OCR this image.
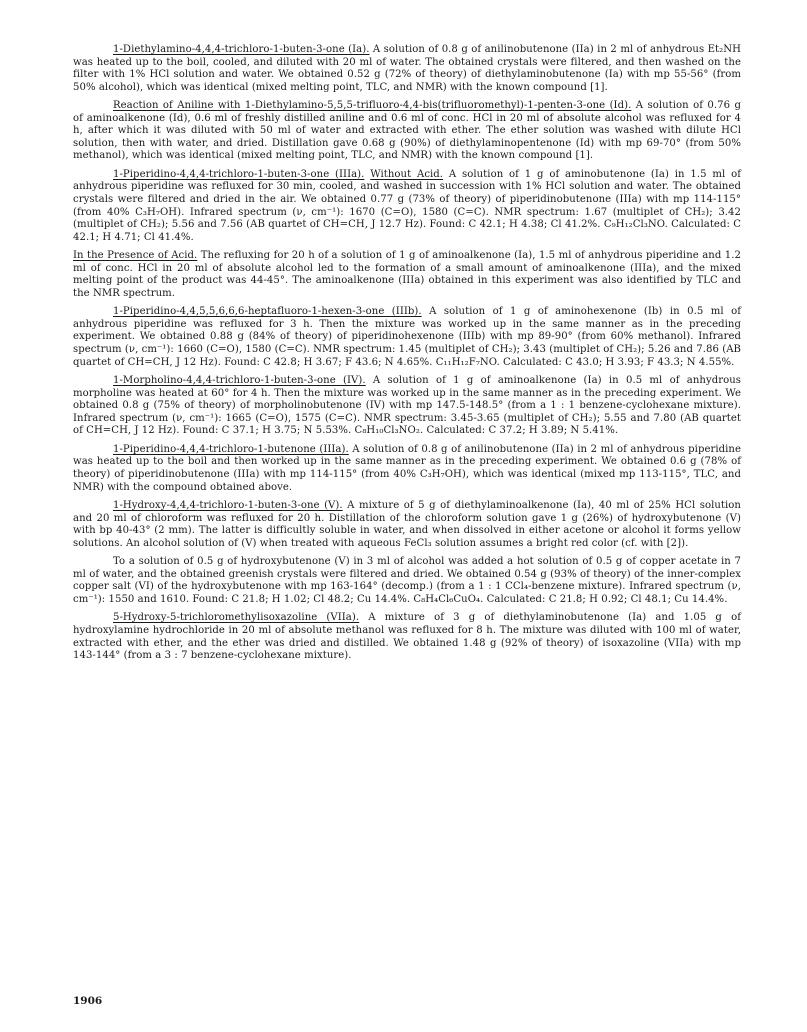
1-Diethylamino-4,4,4-trichloro-1-buten-3-one (Ia). A solution of 0.8 g of anilinobutenone (IIa) in 2 ml of anhydrous Et₂NH was heated up to the boil, cooled, and diluted with 20 ml of water. The obtained crystals were filtered, and then washed on the filter with 1% HCl solution and water. We obtained 0.52 g (72% of theory) of diethylaminobutenone (Ia) with mp 55-56° (from 50% alcohol), which was identical (mixed melting point, TLC, and NMR) with the known compound [1].

Reaction of Aniline with 1-Diethylamino-5,5,5-trifluoro-4,4-bis(trifluoromethyl)-1-penten-3-one (Id). A solution of 0.76 g of aminoalkenone (Id), 0.6 ml of freshly distilled aniline and 0.6 ml of conc. HCl in 20 ml of absolute alcohol was refluxed for 4 h, after which it was diluted with 50 ml of water and extracted with ether. The ether solution was washed with dilute HCl solution, then with water, and dried. Distillation gave 0.68 g (90%) of diethylaminopentenone (Id) with mp 69-70° (from 50% methanol), which was identical (mixed melting point, TLC, and NMR) with the known compound [1].

1-Piperidino-4,4,4-trichloro-1-buten-3-one (IIIa). Without Acid. A solution of 1 g of aminobutenone (Ia) in 1.5 ml of anhydrous piperidine was refluxed for 30 min, cooled, and washed in succession with 1% HCl solution and water. The obtained crystals were filtered and dried in the air. We obtained 0.77 g (73% of theory) of piperidinobutenone (IIIa) with mp 114-115° (from 40% C₃H₇OH). Infrared spectrum (ν, cm⁻¹): 1670 (C=O), 1580 (C=C). NMR spectrum: 1.67 (multiplet of CH₂); 3.42 (multiplet of CH₂); 5.56 and 7.56 (AB quartet of CH=CH, J 12.7 Hz). Found: C 42.1; H 4.38; Cl 41.2%. C₉H₁₂Cl₃NO. Calculated: C 42.1; H 4.71; Cl 41.4%.

In the Presence of Acid. The refluxing for 20 h of a solution of 1 g of aminoalkenone (Ia), 1.5 ml of anhydrous piperidine and 1.2 ml of conc. HCl in 20 ml of absolute alcohol led to the formation of a small amount of aminoalkenone (IIIa), and the mixed melting point of the product was 44-45°. The aminoalkenone (IIIa) obtained in this experiment was also identified by TLC and the NMR spectrum.

1-Piperidino-4,4,5,5,6,6,6-heptafluoro-1-hexen-3-one (IIIb). A solution of 1 g of aminohexenone (Ib) in 0.5 ml of anhydrous piperidine was refluxed for 3 h. Then the mixture was worked up in the same manner as in the preceding experiment. We obtained 0.88 g (84% of theory) of piperidinohexenone (IIIb) with mp 89-90° (from 60% methanol). Infrared spectrum (ν, cm⁻¹): 1660 (C=O), 1580 (C=C). NMR spectrum: 1.45 (multiplet of CH₂); 3.43 (multiplet of CH₂); 5.26 and 7.86 (AB quartet of CH=CH, J 12 Hz). Found: C 42.8; H 3.67; F 43.6; N 4.65%. C₁₁H₁₂F₇NO. Calculated: C 43.0; H 3.93; F 43.3; N 4.55%.

1-Morpholino-4,4,4-trichloro-1-buten-3-one (IV). A solution of 1 g of aminoalkenone (Ia) in 0.5 ml of anhydrous morpholine was heated at 60° for 4 h. Then the mixture was worked up in the same manner as in the preceding experiment. We obtained 0.8 g (75% of theory) of morpholinobutenone (IV) with mp 147.5-148.5° (from a 1 : 1 benzene-cyclohexane mixture). Infrared spectrum (ν, cm⁻¹): 1665 (C=O), 1575 (C=C). NMR spectrum: 3.45-3.65 (multiplet of CH₂); 5.55 and 7.80 (AB quartet of CH=CH, J 12 Hz). Found: C 37.1; H 3.75; N 5.53%. C₈H₁₀Cl₃NO₂. Calculated: C 37.2; H 3.89; N 5.41%.

1-Piperidino-4,4,4-trichloro-1-butenone (IIIa). A solution of 0.8 g of anilinobutenone (IIa) in 2 ml of anhydrous piperidine was heated up to the boil and then worked up in the same manner as in the preceding experiment. We obtained 0.6 g (78% of theory) of piperidinobutenone (IIIa) with mp 114-115° (from 40% C₃H₇OH), which was identical (mixed mp 113-115°, TLC, and NMR) with the compound obtained above.

1-Hydroxy-4,4,4-trichloro-1-buten-3-one (V). A mixture of 5 g of diethylaminoalkenone (Ia), 40 ml of 25% HCl solution and 20 ml of chloroform was refluxed for 20 h. Distillation of the chloroform solution gave 1 g (26%) of hydroxybutenone (V) with bp 40-43° (2 mm). The latter is difficultly soluble in water, and when dissolved in either acetone or alcohol it forms yellow solutions. An alcohol solution of (V) when treated with aqueous FeCl₃ solution assumes a bright red color (cf. with [2]).

To a solution of 0.5 g of hydroxybutenone (V) in 3 ml of alcohol was added a hot solution of 0.5 g of copper acetate in 7 ml of water, and the obtained greenish crystals were filtered and dried. We obtained 0.54 g (93% of theory) of the inner-complex copper salt (VI) of the hydroxybutenone with mp 163-164° (decomp.) (from a 1 : 1 CCl₄-benzene mixture). Infrared spectrum (ν, cm⁻¹): 1550 and 1610. Found: C 21.8; H 1.02; Cl 48.2; Cu 14.4%. C₈H₄Cl₆CuO₄. Calculated: C 21.8; H 0.92; Cl 48.1; Cu 14.4%.

5-Hydroxy-5-trichloromethylisoxazoline (VIIa). A mixture of 3 g of diethylaminobutenone (Ia) and 1.05 g of hydroxylamine hydrochloride in 20 ml of absolute methanol was refluxed for 8 h. The mixture was diluted with 100 ml of water, extracted with ether, and the ether was dried and distilled. We obtained 1.48 g (92% of theory) of isoxazoline (VIIa) with mp 143-144° (from a 3 : 7 benzene-cyclohexane mixture).

1906
